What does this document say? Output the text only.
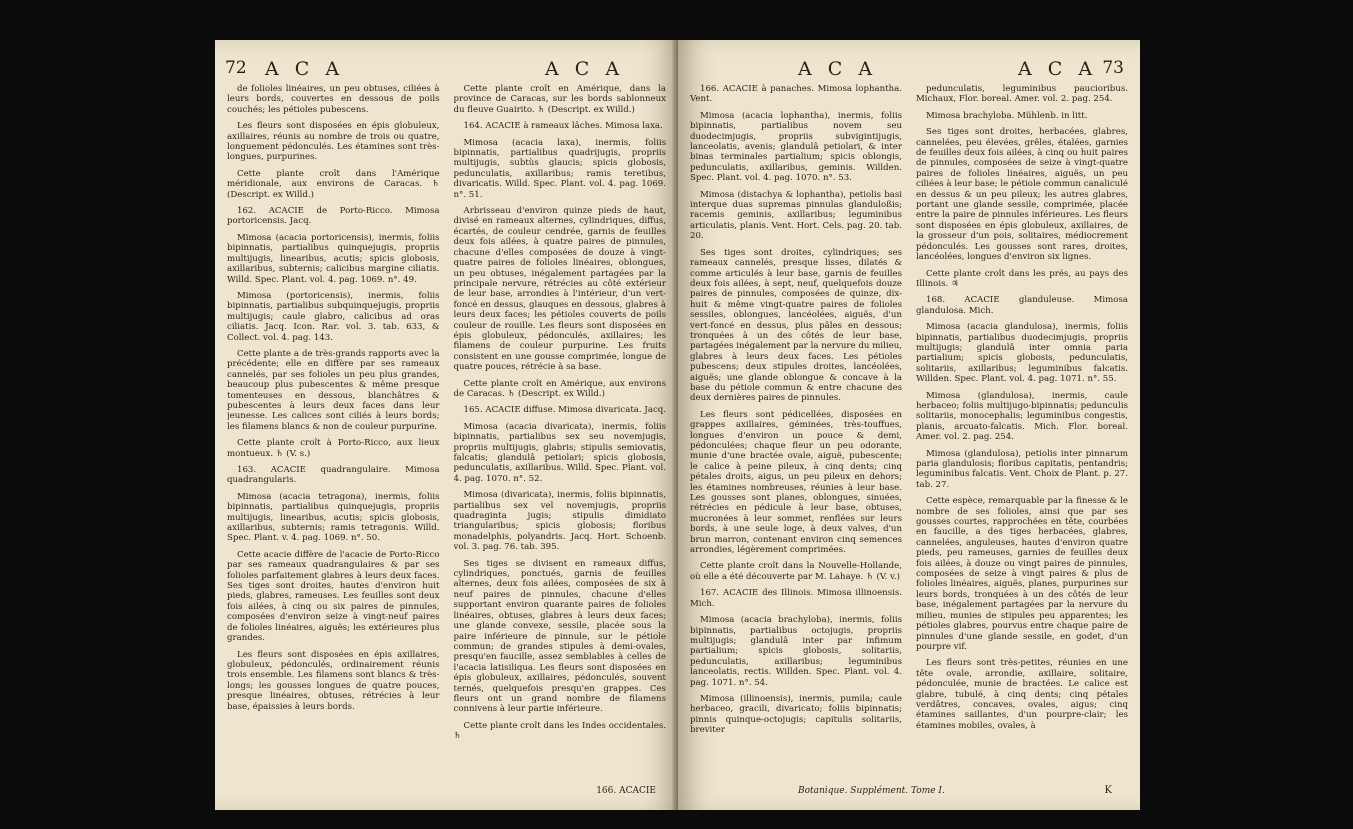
72 A C A	A C A

de folioles linéaires, un peu obtuses, ciliées à leurs bords, couvertes en dessous de poils couchés; les pétioles pubescens.

Les fleurs sont disposées en épis globuleux, axillaires, réunis au nombre de trois ou quatre, longuement pédonculés. Les étamines sont très-longues, purpurines.

Cette plante croît dans l'Amérique méridionale, aux environs de Caracas. ♄ (Descript. ex Willd.)

162. ACACIE de Porto-Ricco. Mimosa portoricensis. Jacq.

Mimosa (acacia portoricensis), inermis, foliis bipinnatis, partialibus quinquejugis, propriis multijugis, linearibus, acutis; spicis globosis, axillaribus, subternis; calicibus margine ciliatis. Willd. Spec. Plant. vol. 4. pag. 1069. n°. 49.

Mimosa (portoricensis), inermis, foliis bipinnatis, partialibus subquinquejugis, propriis multijugis; caule glabro, calicibus ad oras ciliatis. Jacq. Icon. Rar. vol. 3. tab. 633, & Collect. vol. 4. pag. 143.

Cette plante a de très-grands rapports avec la précédente; elle en diffère par ses rameaux cannelés, par ses folioles un peu plus grandes, beaucoup plus pubescentes & même presque tomenteuses en dessous, blanchâtres & pubescentes à leurs deux faces dans leur jeunesse. Les calices sont ciliés à leurs bords; les filamens blancs & non de couleur purpurine.

Cette plante croît à Porto-Ricco, aux lieux montueux. ♄ (V. s.)

163. ACACIE quadrangulaire. Mimosa quadrangularis.

Mimosa (acacia tetragona), inermis, foliis bipinnatis, partialibus quinquejugis, propriis multijugis, linearibus, acutis; spicis globosis, axillaribus, subternis; ramis tetragonis. Willd. Spec. Plant. v. 4. pag. 1069. n°. 50.

Cette acacie diffère de l'acacie de Porto-Ricco par ses rameaux quadrangulaires & par ses folioles parfaitement glabres à leurs deux faces. Ses tiges sont droites, hautes d'environ huit pieds, glabres, rameuses. Les feuilles sont deux fois ailées, à cinq ou six paires de pinnules, composées d'environ seize à vingt-neuf paires de folioles linéaires, aiguës; les extérieures plus grandes.

Les fleurs sont disposées en épis axillaires, globuleux, pédonculés, ordinairement réunis trois ensemble. Les filamens sont blancs & très-longs; les gousses longues de quatre pouces, presque linéaires, obtuses, rétrécies à leur base, épaissies à leurs bords.

Cette plante croît en Amérique, dans la province de Caracas, sur les bords sablonneux du fleuve Guairito. ♄ (Descript. ex Willd.)

164. ACACIE à rameaux lâches. Mimosa laxa.

Mimosa (acacia laxa), inermis, foliis bipinnatis, partialibus quadrijugis, propriis multijugis, subtùs glaucis; spicis globosis, pedunculatis, axillaribus; ramis teretibus, divaricatis. Willd. Spec. Plant. vol. 4. pag. 1069. n°. 51.

Arbrisseau d'environ quinze pieds de haut, divisé en rameaux alternes, cylindriques, diffus, écartés, de couleur cendrée, garnis de feuilles deux fois ailées, à quatre paires de pinnules, chacune d'elles composées de douze à vingt-quatre paires de folioles linéaires, oblongues, un peu obtuses, inégalement partagées par la principale nervure, rétrécies au côté extérieur de leur base, arrondies à l'intérieur, d'un vert-foncé en dessus, glauques en dessous, glabres à leurs deux faces; les pétioles couverts de poils couleur de rouille. Les fleurs sont disposées en épis globuleux, pédonculés, axillaires; les filamens de couleur purpurine. Les fruits consistent en une gousse comprimée, longue de quatre pouces, rétrécie à sa base.

Cette plante croît en Amérique, aux environs de Caracas. ♄ (Descript. ex Willd.)

165. ACACIE diffuse. Mimosa divaricata. Jacq.

Mimosa (acacia divaricata), inermis, foliis bipinnatis, partialibus sex seu novemjugis, propriis multijugis, glabris; stipulis semiovatis, falcatis; glandulâ petiolari; spicis globosis, pedunculatis, axillaribus. Willd. Spec. Plant. vol. 4. pag. 1070. n°. 52.

Mimosa (divaricata), inermis, foliis bipinnatis, partialibus sex vel novemjugis, propriis quadraginta jugis; stipulis dimidiato triangularibus; spicis globosis; floribus monadelphis, polyandris. Jacq. Hort. Schoenb. vol. 3. pag. 76. tab. 395.

Ses tiges se divisent en rameaux diffus, cylindriques, ponctués, garnis de feuilles alternes, deux fois ailées, composées de six à neuf paires de pinnules, chacune d'elles supportant environ quarante paires de folioles linéaires, obtuses, glabres à leurs deux faces; une glande convexe, sessile, placée sous la paire inférieure de pinnule, sur le pétiole commun; de grandes stipules à demi-ovales, presqu'en faucille, assez semblables à celles de l'acacia latisiliqua. Les fleurs sont disposées en épis globuleux, axillaires, pédonculés, souvent ternés, quelquefois presqu'en grappes. Ces fleurs ont un grand nombre de filamens connivens à leur partie inférieure.

Cette plante croît dans les Indes occidentales. ♄

166. ACACIE
A C A	A C A 73

166. ACACIE à panaches. Mimosa lophantha. Vent.

Mimosa (acacia lophantha), inermis, foliis bipinnatis, partialibus novem seu duodecimjugis, propriis subvigintijugis, lanceolatis, avenis; glandulâ petiolari, & inter binas terminales partialium; spicis oblongis, pedunculatis, axillaribus, geminis. Willden. Spec. Plant. vol. 4. pag. 1070. n°. 53.

Mimosa (distachya & lophantha), petiolis basi interque duas supremas pinnulas glanduloßis; racemis geminis, axillaribus; leguminibus articulatis, planis. Vent. Hort. Cels. pag. 20. tab. 20.

Ses tiges sont droites, cylindriques; ses rameaux cannelés, presque lisses, dilatés & comme articulés à leur base, garnis de feuilles deux fois ailées, à sept, neuf, quelquefois douze paires de pinnules, composées de quinze, dix-huit & même vingt-quatre paires de folioles sessiles, oblongues, lancéolées, aiguës, d'un vert-foncé en dessus, plus pâles en dessous; tronquées à un des côtés de leur base, partagées inégalement par la nervure du milieu, glabres à leurs deux faces. Les pétioles pubescens; deux stipules droites, lancéolées, aiguës; une glande oblongue & concave à la base du pétiole commun & entre chacune des deux dernières paires de pinnules.

Les fleurs sont pédicellées, disposées en grappes axillaires, géminées, très-touffues, longues d'environ un pouce & demi, pédonculées; chaque fleur un peu odorante, munie d'une bractée ovale, aiguë, pubescente; le calice à peine pileux, à cinq dents; cinq pétales droits, aigus, un peu pileux en dehors; les étamines nombreuses, réunies à leur base. Les gousses sont planes, oblongues, sinuées, rétrécies en pédicule à leur base, obtuses, mucronées à leur sommet, renflées sur leurs bords, à une seule loge, à deux valves, d'un brun marron, contenant environ cinq semences arrondies, légèrement comprimées.

Cette plante croît dans la Nouvelle-Hollande, où elle a été découverte par M. Lahaye. ♄ (V. v.)

167. ACACIE des Illinois. Mimosa illinoensis. Mich.

Mimosa (acacia brachyloba), inermis, foliis bipinnatis, partialibus octojugis, propriis multijugis; glandulâ inter par infimum partialium; spicis globosis, solitariis, pedunculatis, axillaribus; leguminibus lanceolatis, rectis. Willden. Spec. Plant. vol. 4. pag. 1071. n°. 54.

Mimosa (illinoensis), inermis, pumila; caule herbaceo, gracili, divaricato; foliis bipinnatis; pinnis quinque-octojugis; capitulis solitariis, breviter

pedunculatis, leguminibus paucioribus. Michaux, Flor. boreal. Amer. vol. 2. pag. 254.

Mimosa brachyloba. Mühlenb. in litt.

Ses tiges sont droites, herbacées, glabres, cannelées, peu élevées, grêles, étalées, garnies de feuilles deux fois ailées, à cinq ou huit paires de pinnules, composées de seize à vingt-quatre paires de folioles linéaires, aiguës, un peu ciliées à leur base; le pétiole commun canaliculé en dessus & un peu pileux; les autres glabres, portant une glande sessile, comprimée, placée entre la paire de pinnules inférieures. Les fleurs sont disposées en épis globuleux, axillaires, de la grosseur d'un pois, solitaires, médiocrement pédonculés. Les gousses sont rares, droites, lancéolées, longues d'environ six lignes.

Cette plante croît dans les prés, au pays des Illinois. ♃

168. ACACIE glanduleuse. Mimosa glandulosa. Mich.

Mimosa (acacia glandulosa), inermis, foliis bipinnatis, partialibus duodecimjugis, propriis multijugis; glandulâ inter omnia paria partialium; spicis globosis, pedunculatis, solitariis, axillaribus; leguminibus falcatis. Willden. Spec. Plant. vol. 4. pag. 1071. n°. 55.

Mimosa (glandulosa), inermis, caule herbaceo; foliis multijugo-bipinnatis; pedunculis solitariis, monocephalis; leguminibus congestis, planis, arcuato-falcatis. Mich. Flor. boreal. Amer. vol. 2. pag. 254.

Mimosa (glandulosa), petiolis inter pinnarum paria glandulosis; floribus capitatis, pentandris; leguminibus falcatis. Vent. Choix de Plant. p. 27. tab. 27.

Cette espèce, remarquable par la finesse & le nombre de ses folioles, ainsi que par ses gousses courtes, rapprochées en tête, courbées en faucille, a des tiges herbacées, glabres, cannelées, anguleuses, hautes d'environ quatre pieds, peu rameuses, garnies de feuilles deux fois ailées, à douze ou vingt paires de pinnules, composées de seize à vingt paires & plus de folioles linéaires, aiguës, planes, purpurines sur leurs bords, tronquées à un des côtés de leur base, inégalement partagées par la nervure du milieu, munies de stipules peu apparentes; les pétioles glabres, pourvus entre chaque paire de pinnules d'une glande sessile, en godet, d'un pourpre vif.

Les fleurs sont très-petites, réunies en une tête ovale, arrondie, axillaire, solitaire, pédonculée, munie de bractées. Le calice est glabre, tubulé, à cinq dents; cinq pétales verdâtres, concaves, ovales, aigus; cinq étamines saillantes, d'un pourpre-clair; les étamines mobiles, ovales, à

Botanique. Supplément. Tome I.	K
